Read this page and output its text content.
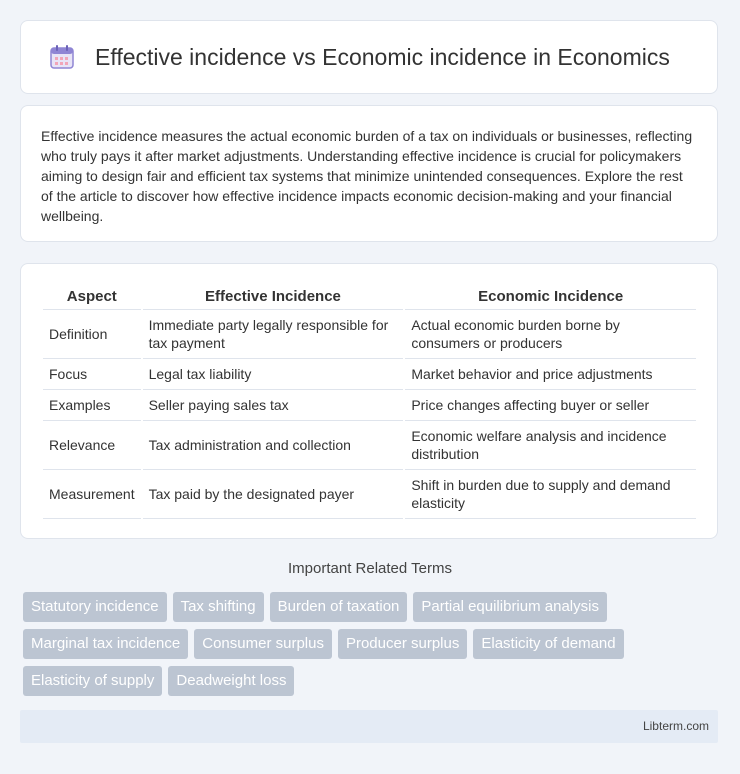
Effective incidence vs Economic incidence in Economics

Effective incidence measures the actual economic burden of a tax on individuals or businesses, reflecting who truly pays it after market adjustments. Understanding effective incidence is crucial for policymakers aiming to design fair and efficient tax systems that minimize unintended consequences. Explore the rest of the article to discover how effective incidence impacts economic decision-making and your financial wellbeing.

Aspect	Effective Incidence	Economic Incidence
Definition	Immediate party legally responsible for tax payment	Actual economic burden borne by consumers or producers
Focus	Legal tax liability	Market behavior and price adjustments
Examples	Seller paying sales tax	Price changes affecting buyer or seller
Relevance	Tax administration and collection	Economic welfare analysis and incidence distribution
Measurement	Tax paid by the designated payer	Shift in burden due to supply and demand elasticity
Important Related Terms
Statutory incidence Tax shifting Burden of taxation Partial equilibrium analysis
Marginal tax incidence Consumer surplus Producer surplus Elasticity of demand
Elasticity of supply Deadweight loss
Libterm.com
